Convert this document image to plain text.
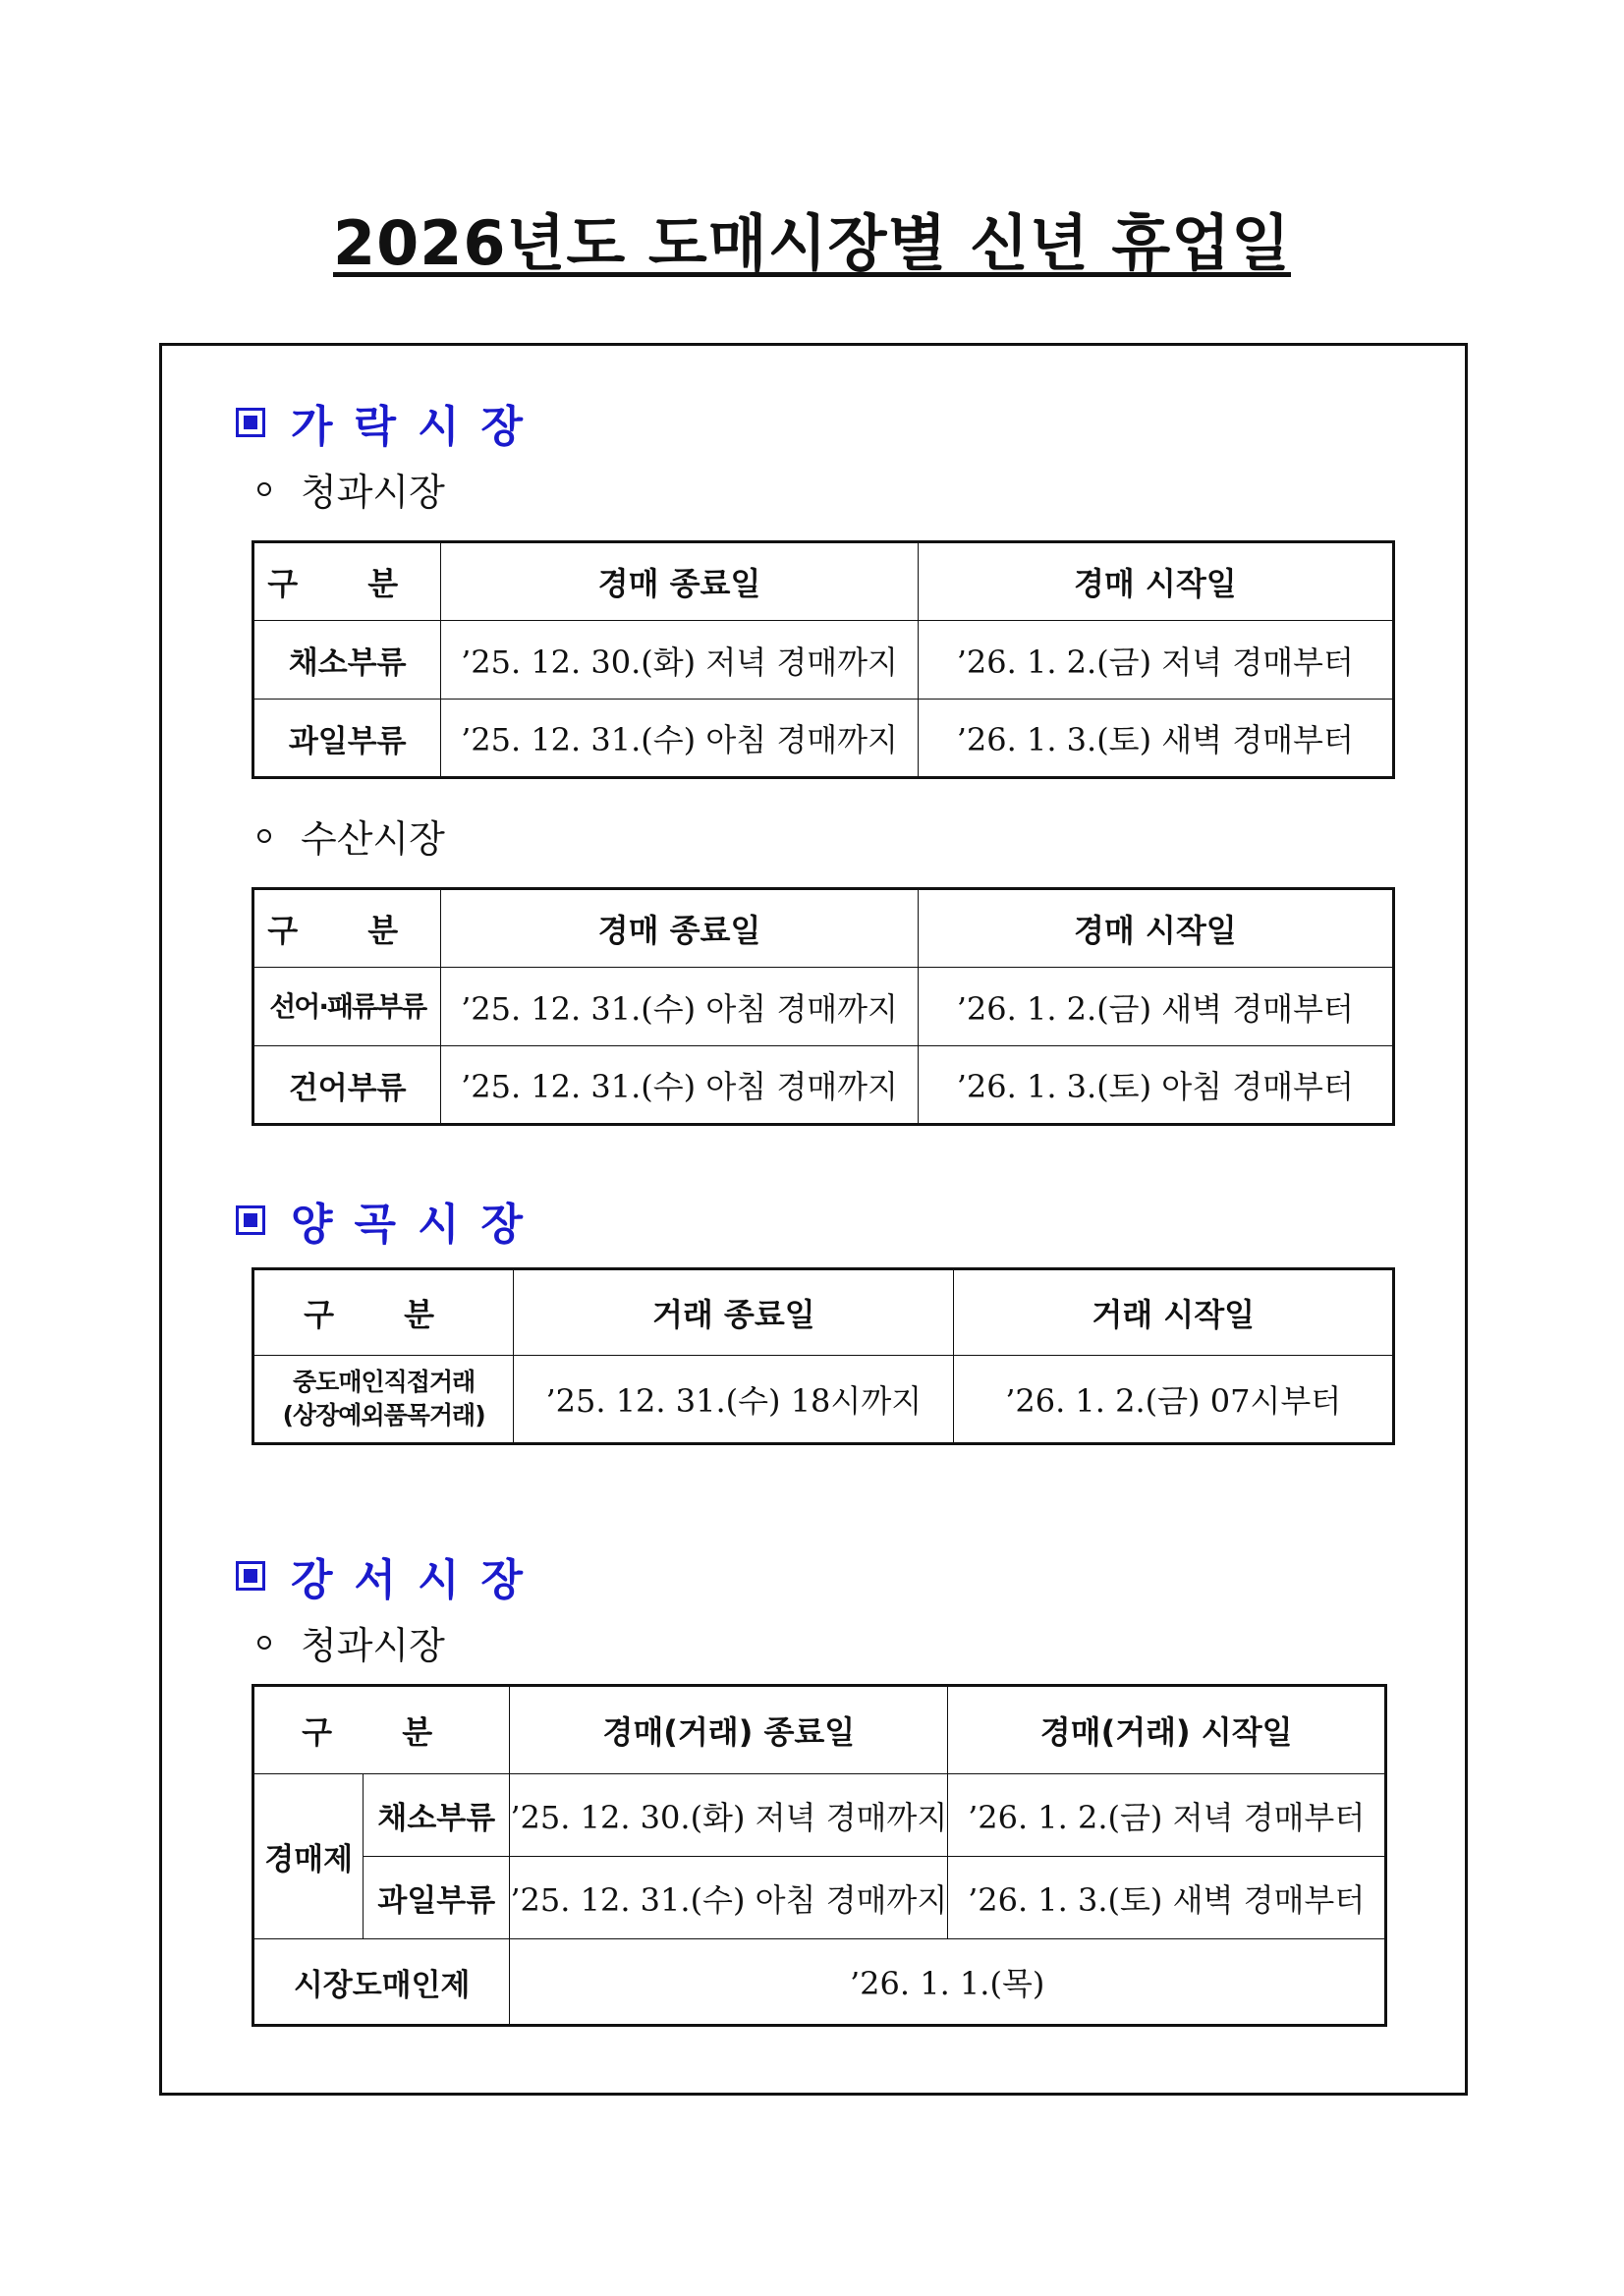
2026년도 도매시장별 신년 휴업일
가락시장
청과시장
구 분	경매 종료일	경매 시작일
채소부류	’25. 12. 30.(화) 저녁 경매까지	’26. 1. 2.(금) 저녁 경매부터
과일부류	’25. 12. 31.(수) 아침 경매까지	’26. 1. 3.(토) 새벽 경매부터
수산시장
구 분	경매 종료일	경매 시작일
선어·패류부류	’25. 12. 31.(수) 아침 경매까지	’26. 1. 2.(금) 새벽 경매부터
건어부류	’25. 12. 31.(수) 아침 경매까지	’26. 1. 3.(토) 아침 경매부터
양곡시장
구 분	거래 종료일	거래 시작일

중도매인직접거래
(상장예외품목거래)	’25. 12. 31.(수) 18시까지	’26. 1. 2.(금) 07시부터
강서시장
청과시장
구 분		경매(거래) 종료일	경매(거래) 시작일
경매제	채소부류	’25. 12. 30.(화) 저녁 경매까지	’26. 1. 2.(금) 저녁 경매부터
	과일부류	’25. 12. 31.(수) 아침 경매까지	’26. 1. 3.(토) 새벽 경매부터
시장도매인제		’26. 1. 1.(목)	
